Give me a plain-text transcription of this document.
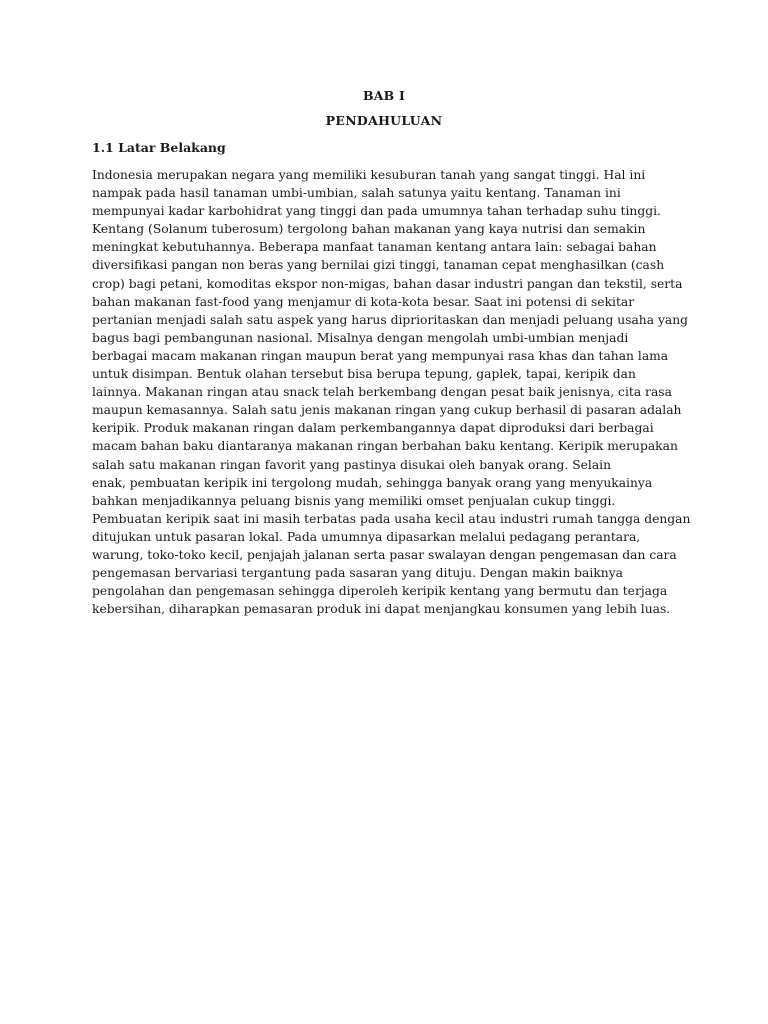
BAB I
PENDAHULUAN
1.1 Latar Belakang
Indonesia merupakan negara yang memiliki kesuburan tanah yang sangat tinggi. Hal ini
nampak pada hasil tanaman umbi-umbian, salah satunya yaitu kentang. Tanaman ini
mempunyai kadar karbohidrat yang tinggi dan pada umumnya tahan terhadap suhu tinggi.
Kentang (Solanum tuberosum) tergolong bahan makanan yang kaya nutrisi dan semakin
meningkat kebutuhannya. Beberapa manfaat tanaman kentang antara lain: sebagai bahan
diversifikasi pangan non beras yang bernilai gizi tinggi, tanaman cepat menghasilkan (cash
crop) bagi petani, komoditas ekspor non-migas, bahan dasar industri pangan dan tekstil, serta
bahan makanan fast-food yang menjamur di kota-kota besar. Saat ini potensi di sekitar
pertanian menjadi salah satu aspek yang harus diprioritaskan dan menjadi peluang usaha yang
bagus bagi pembangunan nasional. Misalnya dengan mengolah umbi-umbian menjadi
berbagai macam makanan ringan maupun berat yang mempunyai rasa khas dan tahan lama
untuk disimpan. Bentuk olahan tersebut bisa berupa tepung, gaplek, tapai, keripik dan
lainnya. Makanan ringan atau snack telah berkembang dengan pesat baik jenisnya, cita rasa
maupun kemasannya. Salah satu jenis makanan ringan yang cukup berhasil di pasaran adalah
keripik. Produk makanan ringan dalam perkembangannya dapat diproduksi dari berbagai
macam bahan baku diantaranya makanan ringan berbahan baku kentang. Keripik merupakan
salah satu makanan ringan favorit yang pastinya disukai oleh banyak orang. Selain
enak, pembuatan keripik ini tergolong mudah, sehingga banyak orang yang menyukainya
bahkan menjadikannya peluang bisnis yang memiliki omset penjualan cukup tinggi.
Pembuatan keripik saat ini masih terbatas pada usaha kecil atau industri rumah tangga dengan
ditujukan untuk pasaran lokal. Pada umumnya dipasarkan melalui pedagang perantara,
warung, toko-toko kecil, penjajah jalanan serta pasar swalayan dengan pengemasan dan cara
pengemasan bervariasi tergantung pada sasaran yang dituju. Dengan makin baiknya
pengolahan dan pengemasan sehingga diperoleh keripik kentang yang bermutu dan terjaga
kebersihan, diharapkan pemasaran produk ini dapat menjangkau konsumen yang lebih luas.
